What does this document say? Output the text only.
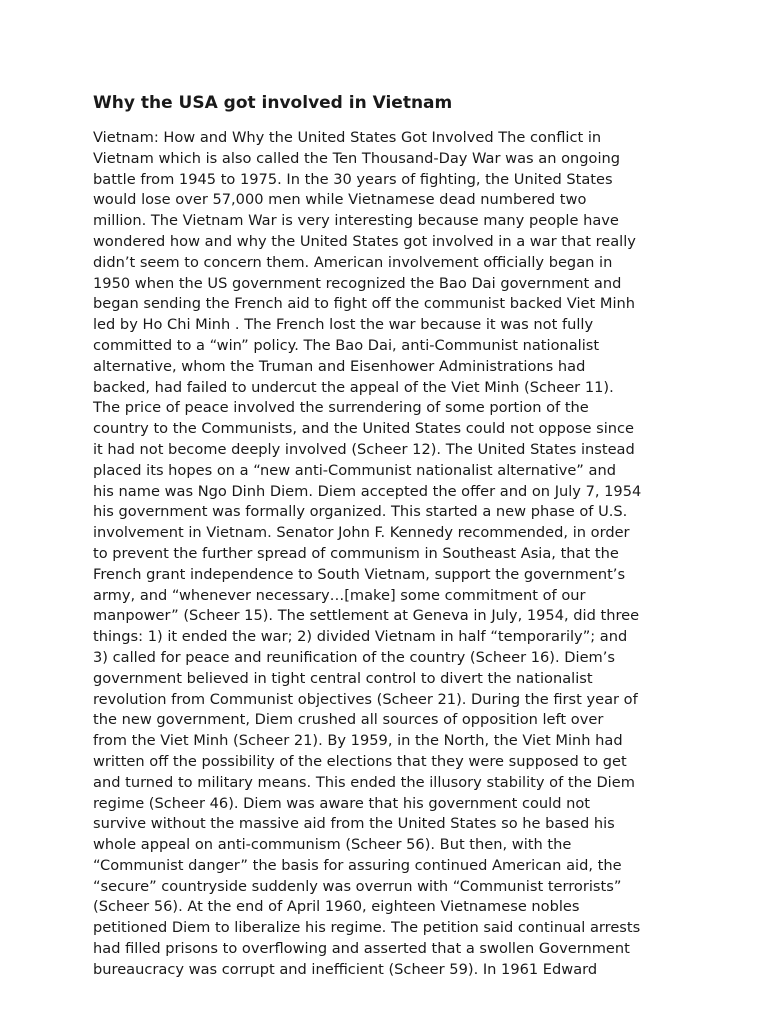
Why the USA got involved in Vietnam
Vietnam: How and Why the United States Got Involved The conflict in
Vietnam which is also called the Ten Thousand-Day War was an ongoing
battle from 1945 to 1975. In the 30 years of fighting, the United States
would lose over 57,000 men while Vietnamese dead numbered two
million. The Vietnam War is very interesting because many people have
wondered how and why the United States got involved in a war that really
didn’t seem to concern them. American involvement officially began in
1950 when the US government recognized the Bao Dai government and
began sending the French aid to fight off the communist backed Viet Minh
led by Ho Chi Minh . The French lost the war because it was not fully
committed to a “win” policy. The Bao Dai, anti-Communist nationalist
alternative, whom the Truman and Eisenhower Administrations had
backed, had failed to undercut the appeal of the Viet Minh (Scheer 11).
The price of peace involved the surrendering of some portion of the
country to the Communists, and the United States could not oppose since
it had not become deeply involved (Scheer 12). The United States instead
placed its hopes on a “new anti-Communist nationalist alternative” and
his name was Ngo Dinh Diem. Diem accepted the offer and on July 7, 1954
his government was formally organized. This started a new phase of U.S.
involvement in Vietnam. Senator John F. Kennedy recommended, in order
to prevent the further spread of communism in Southeast Asia, that the
French grant independence to South Vietnam, support the government’s
army, and “whenever necessary…[make] some commitment of our
manpower” (Scheer 15). The settlement at Geneva in July, 1954, did three
things: 1) it ended the war; 2) divided Vietnam in half “temporarily”; and
3) called for peace and reunification of the country (Scheer 16). Diem’s
government believed in tight central control to divert the nationalist
revolution from Communist objectives (Scheer 21). During the first year of
the new government, Diem crushed all sources of opposition left over
from the Viet Minh (Scheer 21). By 1959, in the North, the Viet Minh had
written off the possibility of the elections that they were supposed to get
and turned to military means. This ended the illusory stability of the Diem
regime (Scheer 46). Diem was aware that his government could not
survive without the massive aid from the United States so he based his
whole appeal on anti-communism (Scheer 56). But then, with the
“Communist danger” the basis for assuring continued American aid, the
“secure” countryside suddenly was overrun with “Communist terrorists”
(Scheer 56). At the end of April 1960, eighteen Vietnamese nobles
petitioned Diem to liberalize his regime. The petition said continual arrests
had filled prisons to overflowing and asserted that a swollen Government
bureaucracy was corrupt and inefficient (Scheer 59). In 1961 Edward
